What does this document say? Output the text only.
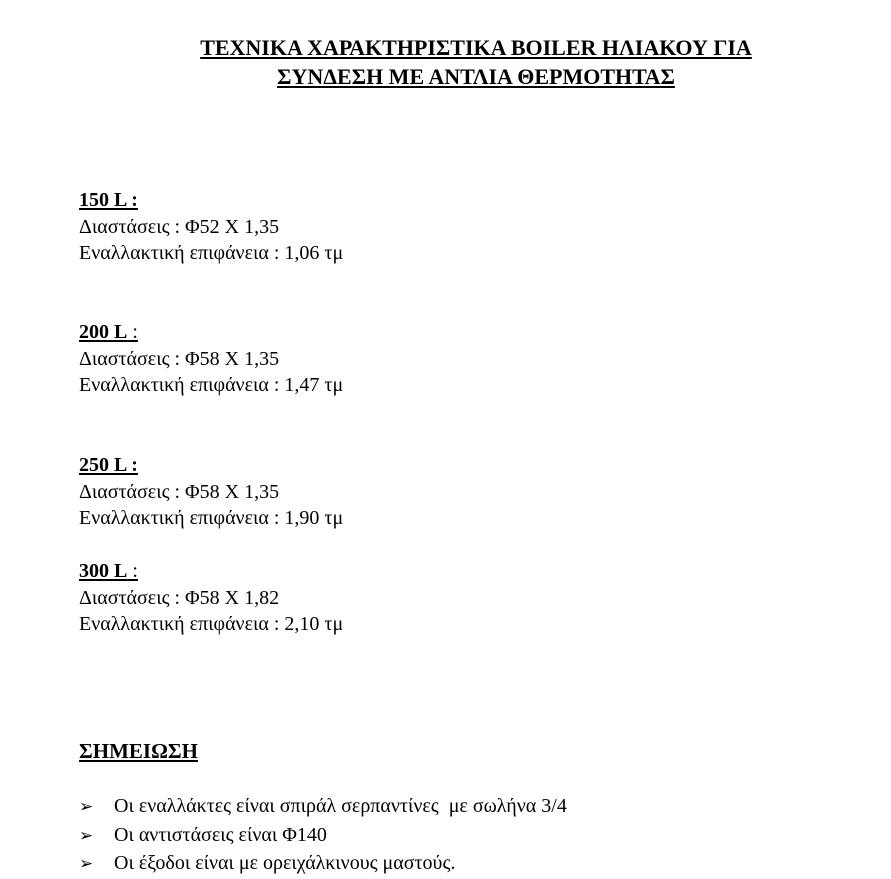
ΤΕΧΝΙΚΑ ΧΑΡΑΚΤΗΡΙΣΤΙΚΑ BOILER ΗΛΙΑΚΟΥ ΓΙΑ
ΣΥΝΔΕΣΗ ΜΕ ΑΝΤΛΙΑ ΘΕΡΜΟΤΗΤΑΣ
150 L :
Διαστάσεις : Φ52 Χ 1,35
Εναλλακτική επιφάνεια : 1,06 τμ
200 L :
Διαστάσεις : Φ58 Χ 1,35
Εναλλακτική επιφάνεια : 1,47 τμ
250 L :
Διαστάσεις : Φ58 Χ 1,35
Εναλλακτική επιφάνεια : 1,90 τμ
300 L :
Διαστάσεις : Φ58 Χ 1,82
Εναλλακτική επιφάνεια : 2,10 τμ
ΣΗΜΕΙΩΣΗ
➢	Οι εναλλάκτες είναι σπιράλ σερπαντίνες  με σωλήνα 3/4
➢	Οι αντιστάσεις είναι Φ140
➢	Οι έξοδοι είναι με ορειχάλκινους μαστούς.
